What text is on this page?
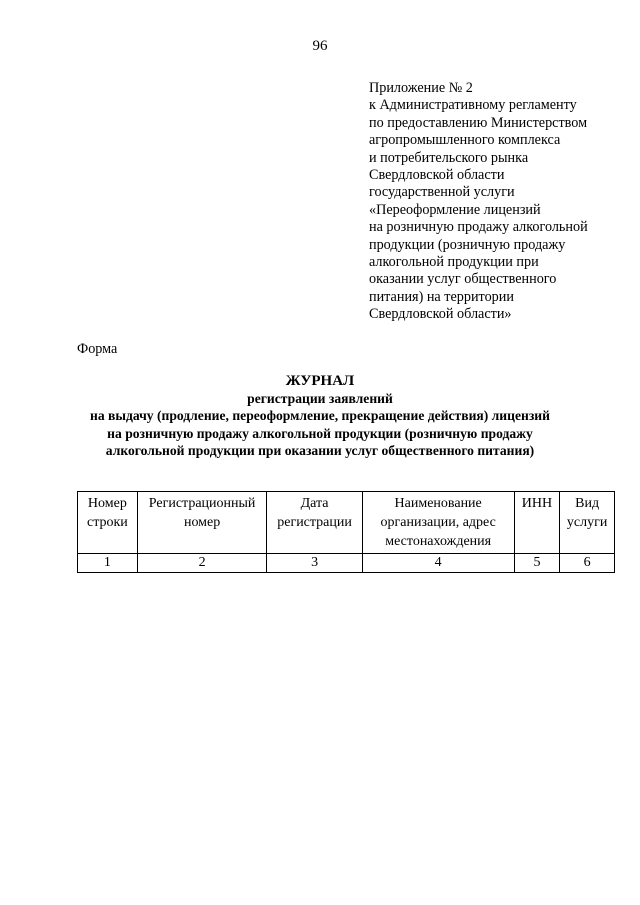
96
Приложение № 2
к Административному регламенту
по предоставлению Министерством
агропромышленного комплекса
и потребительского рынка
Свердловской области
государственной услуги
«Переоформление лицензий
на розничную продажу алкогольной
продукции (розничную продажу
алкогольной продукции при
оказании услуг общественного
питания) на территории
Свердловской области»
Форма
ЖУРНАЛ
регистрации заявлений
на выдачу (продление, переоформление, прекращение действия) лицензий
на розничную продажу алкогольной продукции (розничную продажу
алкогольной продукции при оказании услуг общественного питания)
Номер строки	Регистрационный номер	Дата регистрации	Наименование организации, адрес местонахождения	ИНН	Вид услуги
1	2	3	4	5	6
